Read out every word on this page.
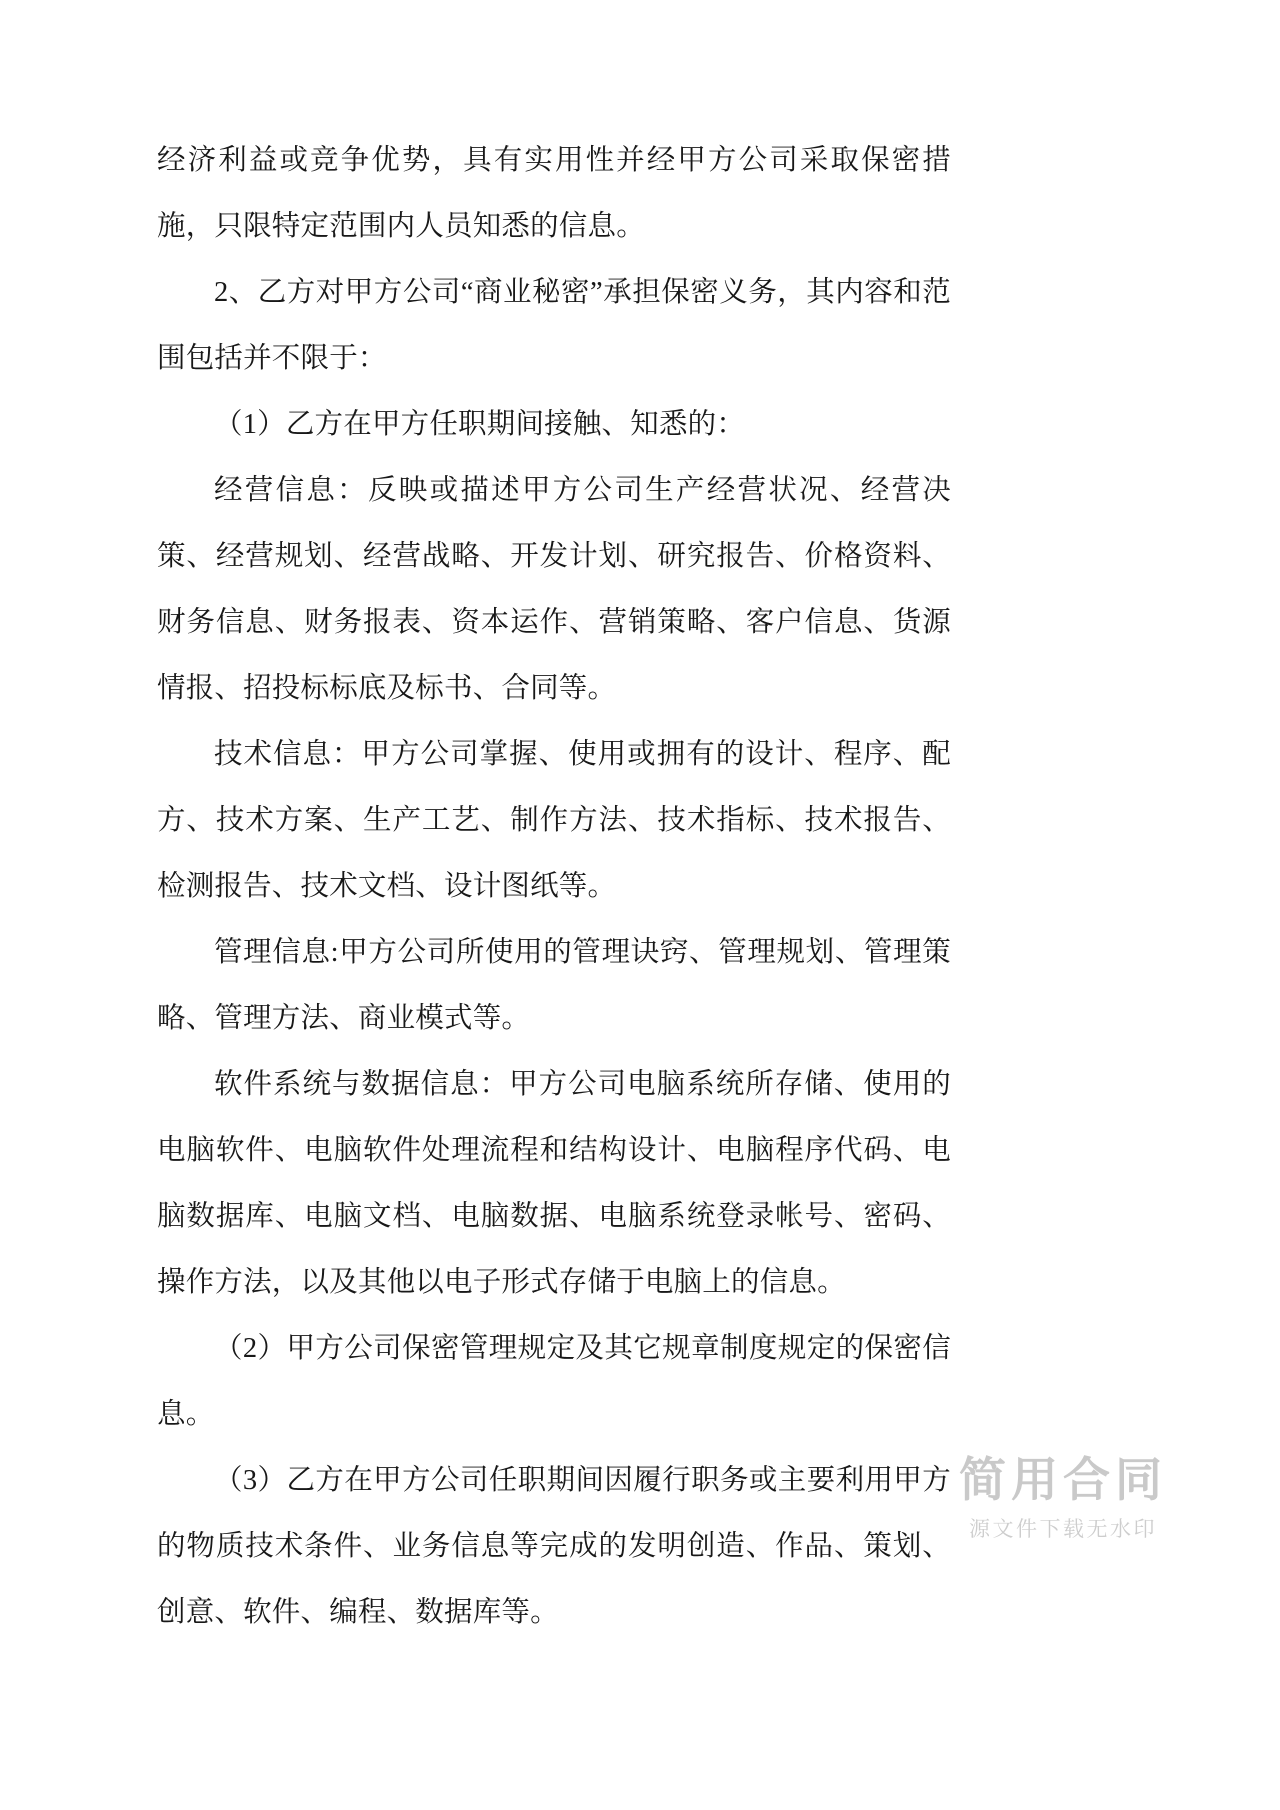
经济利益或竞争优势，具有实用性并经甲方公司采取保密措施，只限特定范围内人员知悉的信息。

2、乙方对甲方公司“商业秘密”承担保密义务，其内容和范围包括并不限于：

（1）乙方在甲方任职期间接触、知悉的：

经营信息：反映或描述甲方公司生产经营状况、经营决策、经营规划、经营战略、开发计划、研究报告、价格资料、财务信息、财务报表、资本运作、营销策略、客户信息、货源情报、招投标标底及标书、合同等。

技术信息：甲方公司掌握、使用或拥有的设计、程序、配方、技术方案、生产工艺、制作方法、技术指标、技术报告、检测报告、技术文档、设计图纸等。

管理信息:甲方公司所使用的管理诀窍、管理规划、管理策略、管理方法、商业模式等。

软件系统与数据信息：甲方公司电脑系统所存储、使用的电脑软件、电脑软件处理流程和结构设计、电脑程序代码、电脑数据库、电脑文档、电脑数据、电脑系统登录帐号、密码、操作方法，以及其他以电子形式存储于电脑上的信息。

（2）甲方公司保密管理规定及其它规章制度规定的保密信息。

（3）乙方在甲方公司任职期间因履行职务或主要利用甲方的物质技术条件、业务信息等完成的发明创造、作品、策划、创意、软件、编程、数据库等。

简用合同
源文件下载无水印
